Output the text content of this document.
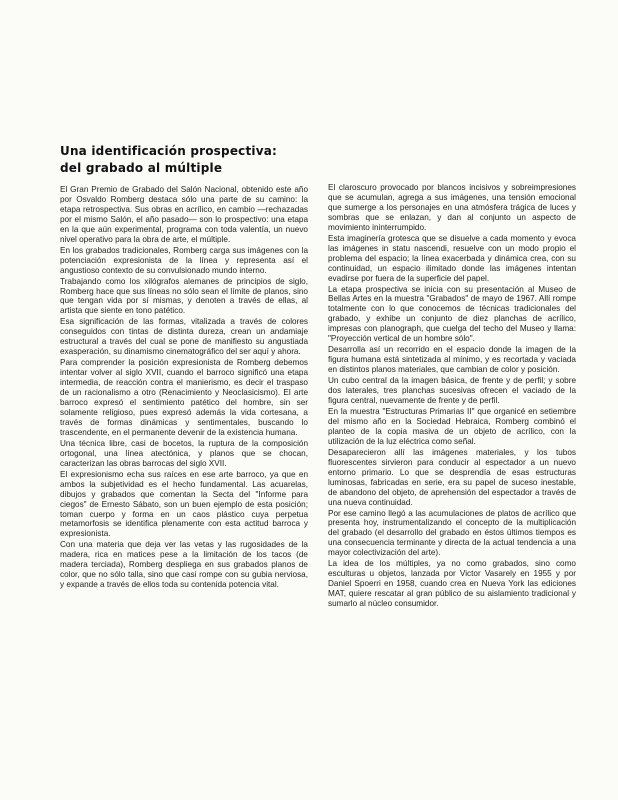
Una identificación prospectiva:
del grabado al múltiple

El Gran Premio de Grabado del Salón Nacional, obtenido este año por Osvaldo Romberg destaca sólo una parte de su camino: la etapa retrospectiva. Sus obras en acrílico, en cambio —rechazadas por el mismo Salón, el año pasado— son lo prospectivo: una etapa en la que aún experimental, programa con toda valentía, un nuevo nivel operativo para la obra de arte, el múltiple.

En los grabados tradicionales, Romberg carga sus imágenes con la potenciación expresionista de la línea y representa así el angustioso contexto de su convulsionado mundo interno.

Trabajando como los xilógrafos alemanes de principios de siglo, Romberg hace que sus líneas no sólo sean el límite de planos, sino que tengan vida por sí mismas, y denoten a través de ellas, al artista que siente en tono patético.

Esa significación de las formas, vitalizada a través de colores conseguidos con tintas de distinta dureza, crean un andamiaje estructural a través del cual se pone de manifiesto su angustiada exasperación, su dinamismo cinematográfico del ser aquí y ahora.

Para comprender la posición expresionista de Romberg debemos intentar volver al siglo XVII, cuando el barroco significó una etapa intermedia, de reacción contra el manierismo, es decir el traspaso de un racionalismo a otro (Renacimiento y Neoclasicismo). El arte barroco expresó el sentimiento patético del hombre, sin ser solamente religioso, pues expresó además la vida cortesana, a través de formas dinámicas y sentimentales, buscando lo trascendente, en el permanente devenir de la existencia humana.

Una técnica libre, casi de bocetos, la ruptura de la composición ortogonal, una línea atectónica, y planos que se chocan, caracterizan las obras barrocas del siglo XVII.

El expresionismo echa sus raíces en ese arte barroco, ya que en ambos la subjetividad es el hecho fundamental. Las acuarelas, dibujos y grabados que comentan la Secta del "Informe para ciegos" de Ernesto Sábato, son un buen ejemplo de esta posición; toman cuerpo y forma en un caos plástico cuya perpetua metamorfosis se identifica plenamente con esta actitud barroca y expresionista.

Con una materia que deja ver las vetas y las rugosidades de la madera, rica en matices pese a la limitación de los tacos (de madera terciada), Romberg despliega en sus grabados planos de color, que no sólo talla, sino que casi rompe con su gubia nerviosa, y expande a través de ellos toda su contenida potencia vital.

El claroscuro provocado por blancos incisivos y sobreimpresiones que se acumulan, agrega a sus imágenes, una tensión emocional que sumerge a los personajes en una atmósfera trágica de luces y sombras que se enlazan, y dan al conjunto un aspecto de movimiento ininterrumpido.

Esta imaginería grotesca que se disuelve a cada momento y evoca las imágenes in statu nascendi, resuelve con un modo propio el problema del espacio; la línea exacerbada y dinámica crea, con su continuidad, un espacio ilimitado donde las imágenes intentan evadirse por fuera de la superficie del papel.

La etapa prospectiva se inicia con su presentación al Museo de Bellas Artes en la muestra "Grabados" de mayo de 1967. Allí rompe totalmente con lo que conocemos de técnicas tradicionales del grabado, y exhibe un conjunto de diez planchas de acrílico, impresas con planograph, que cuelga del techo del Museo y llama: "Proyección vertical de un hombre sólo".

Desarrolla así un recorrido en el espacio donde la imagen de la figura humana está sintetizada al mínimo, y es recortada y vaciada en distintos planos materiales, que cambian de color y posición.

Un cubo central da la imagen básica, de frente y de perfil; y sobre dos laterales, tres planchas sucesivas ofrecen el vaciado de la figura central, nuevamente de frente y de perfil.

En la muestra "Estructuras Primarias II" que organicé en setiembre del mismo año en la Sociedad Hebraica, Romberg combinó el planteo de la copia masiva de un objeto de acrílico, con la utilización de la luz eléctrica como señal.

Desaparecieron allí las imágenes materiales, y los tubos fluorescentes sirvieron para conducir al espectador a un nuevo entorno primario. Lo que se desprendía de esas estructuras luminosas, fabricadas en serie, era su papel de suceso inestable, de abandono del objeto, de aprehensión del espectador a través de una nueva continuidad.

Por ese camino llegó a las acumulaciones de platos de acrílico que presenta hoy, instrumentalizando el concepto de la multiplicación del grabado (el desarrollo del grabado en éstos últimos tiempos es una consecuencia terminante y directa de la actual tendencia a una mayor colectivización del arte).

La idea de los múltiples, ya no como grabados, sino como esculturas u objetos, lanzada por Victor Vasarely en 1955 y por Daniel Spoerri en 1958, cuando crea en Nueva York las ediciones MAT, quiere rescatar al gran público de su aislamiento tradicional y sumarlo al núcleo consumidor.
